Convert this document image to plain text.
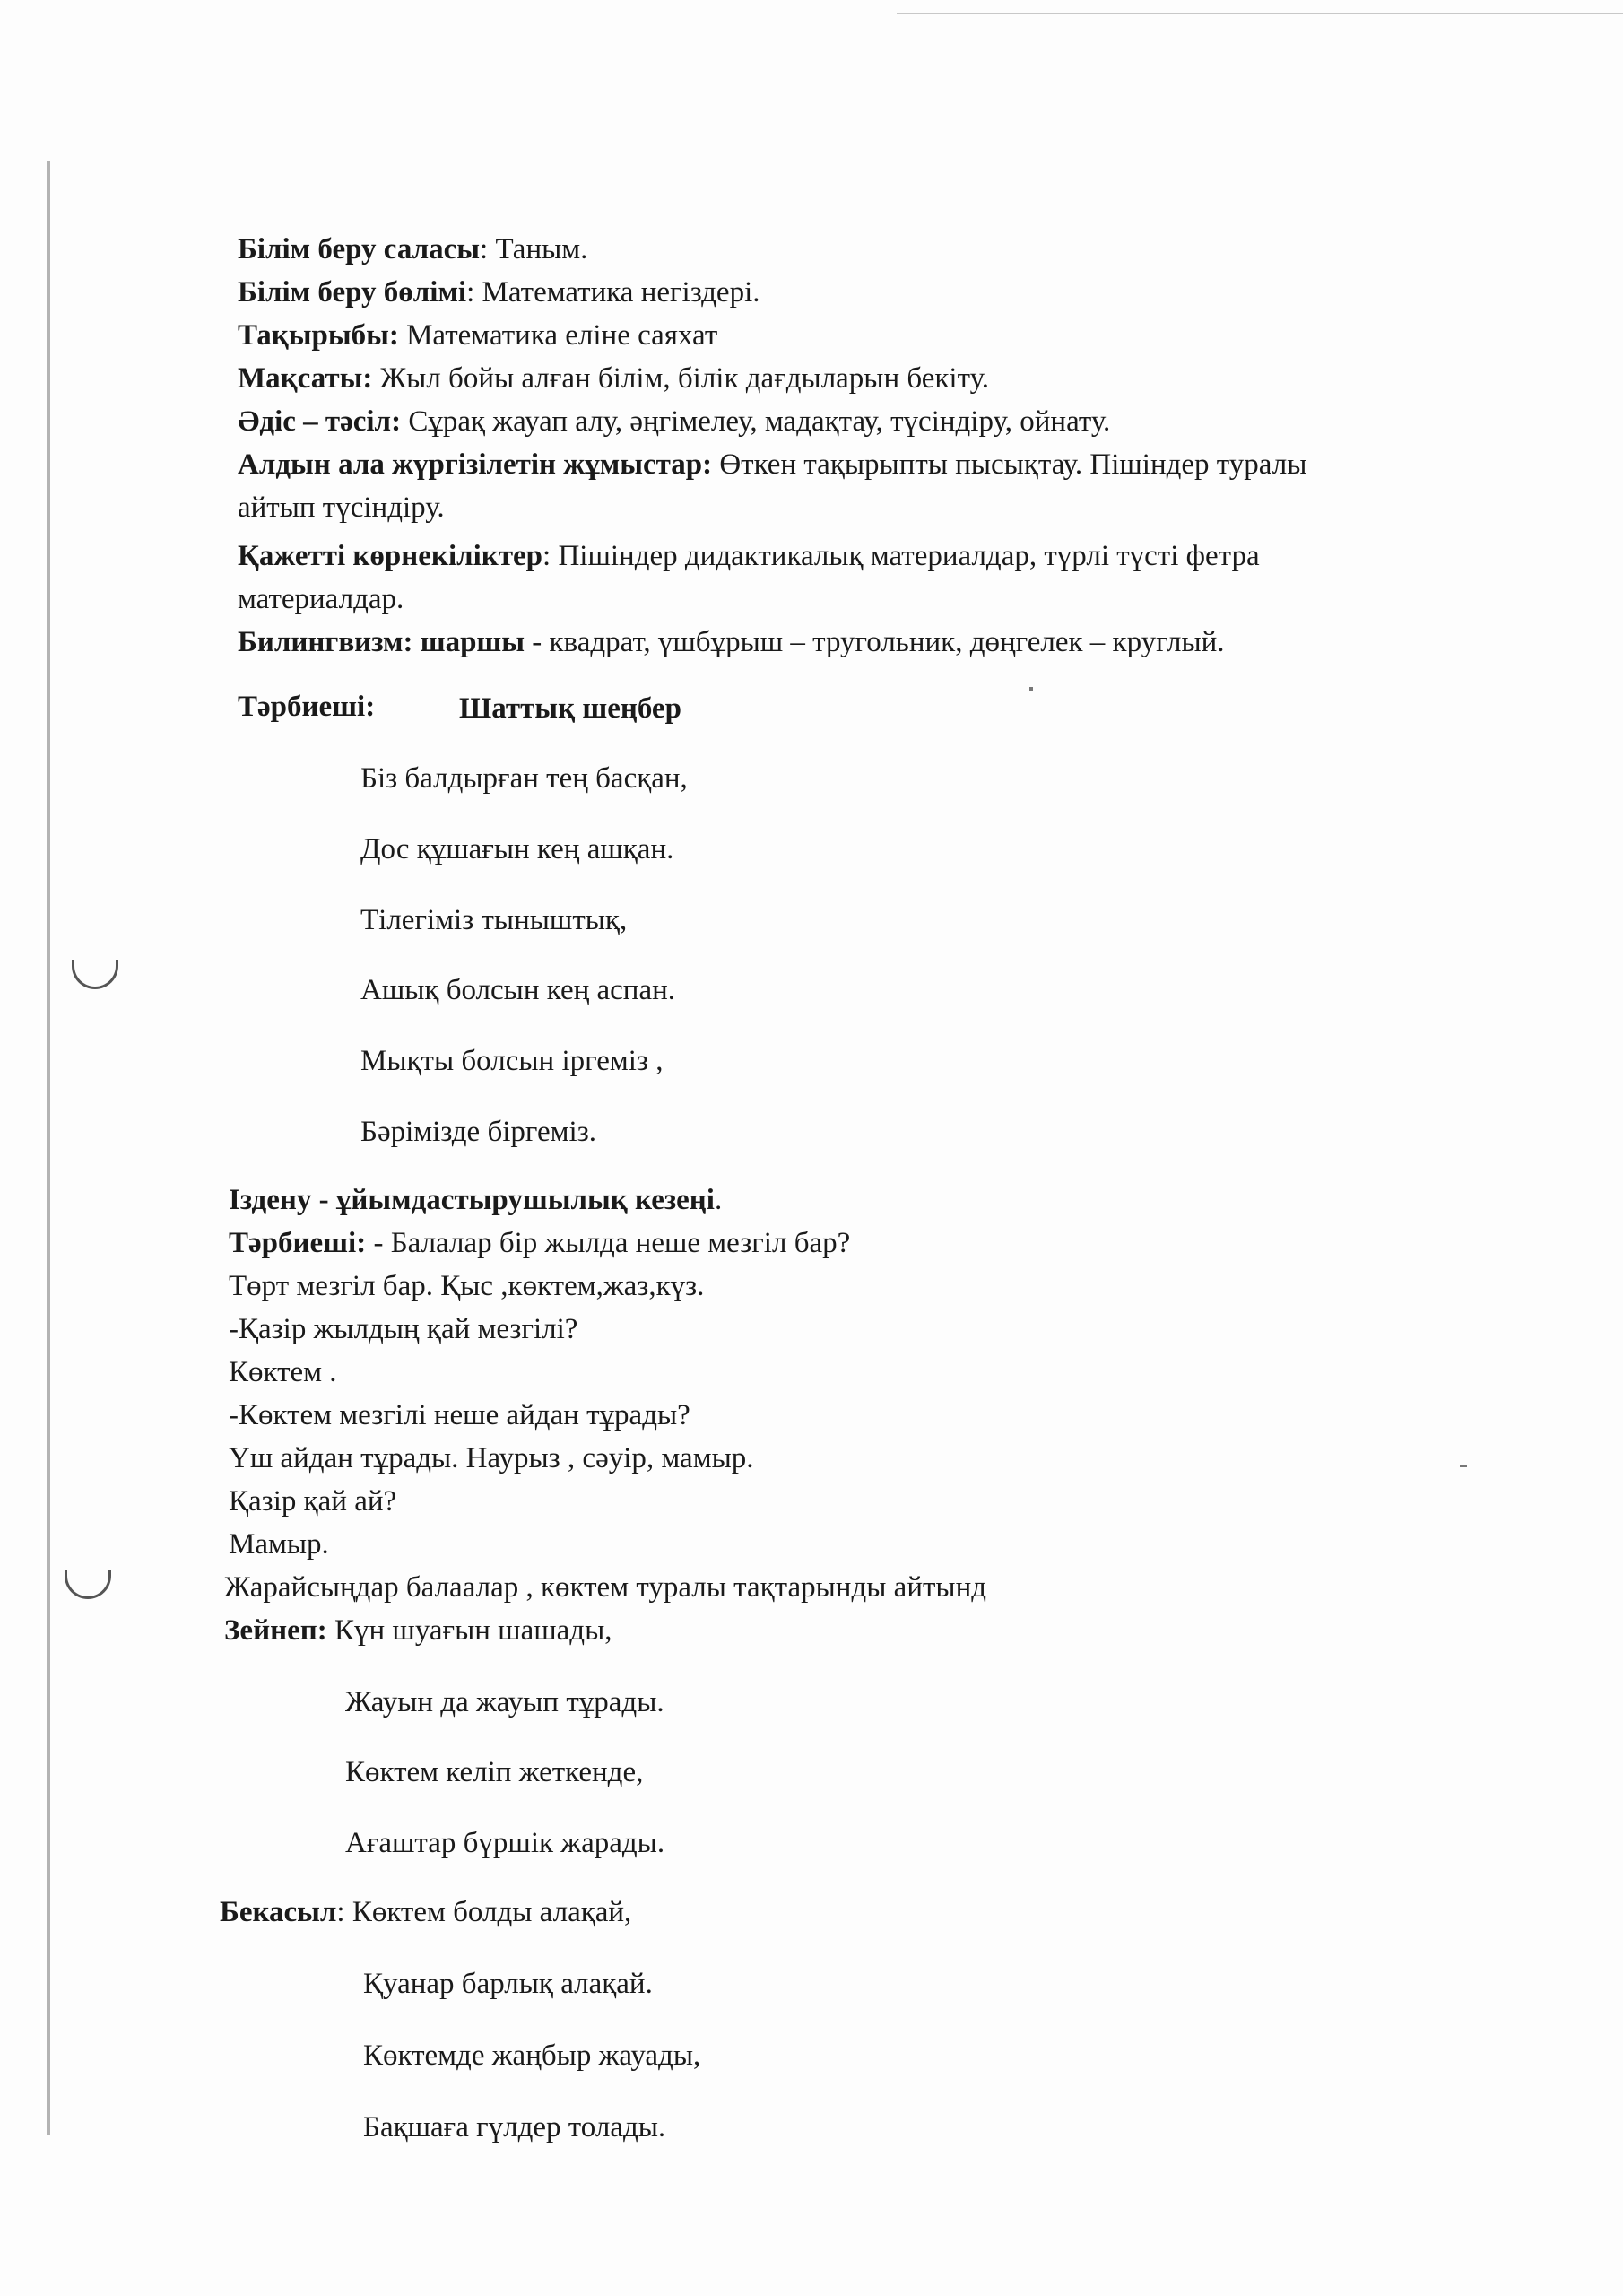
Білім беру саласы: Таным.
Білім беру бөлімі: Математика негіздері.
Тақырыбы: Математика еліне саяхат
Мақсаты: Жыл бойы алған білім, білік дағдыларын бекіту.
Әдіс – тәсіл: Сұрақ жауап алу, әңгімелеу, мадақтау, түсіндіру, ойнату.
Алдын ала жүргізілетін жұмыстар: Өткен тақырыпты пысықтау. Пішіндер туралы
айтып түсіндіру.
Қажетті көрнекіліктер: Пішіндер дидактикалық материалдар, түрлі түсті фетра
материалдар.
Билингвизм: шаршы - квадрат, үшбұрыш – тругольник, дөңгелек – круглый.
Тәрбиеші:	Шаттық шеңбер
Біз балдырған тең басқан,
Дос құшағын кең ашқан.
Тілегіміз тыныштық,
Ашық болсын кең аспан.
Мықты болсын іргеміз ,
Бәрімізде біргеміз.
Іздену - ұйымдастырушылық кезеңі.
Тәрбиеші: - Балалар бір жылда неше мезгіл бар?
Төрт мезгіл бар. Қыс ,көктем,жаз,күз.
-Қазір жылдың қай мезгілі?
Көктем .
-Көктем мезгілі неше айдан тұрады?
Үш айдан тұрады. Наурыз , сәуір, мамыр.
Қазір қай ай?
Мамыр.
Жарайсыңдар балаалар , көктем туралы тақтарынды айтынд
Зейнеп: Күн шуағын шашады,
Жауын да жауып тұрады.
Көктем келіп жеткенде,
Ағаштар бүршік жарады.
Бекасыл: Көктем болды алақай,
Қуанар барлық алақай.
Көктемде жаңбыр жауады,
Бақшаға гүлдер толады.
